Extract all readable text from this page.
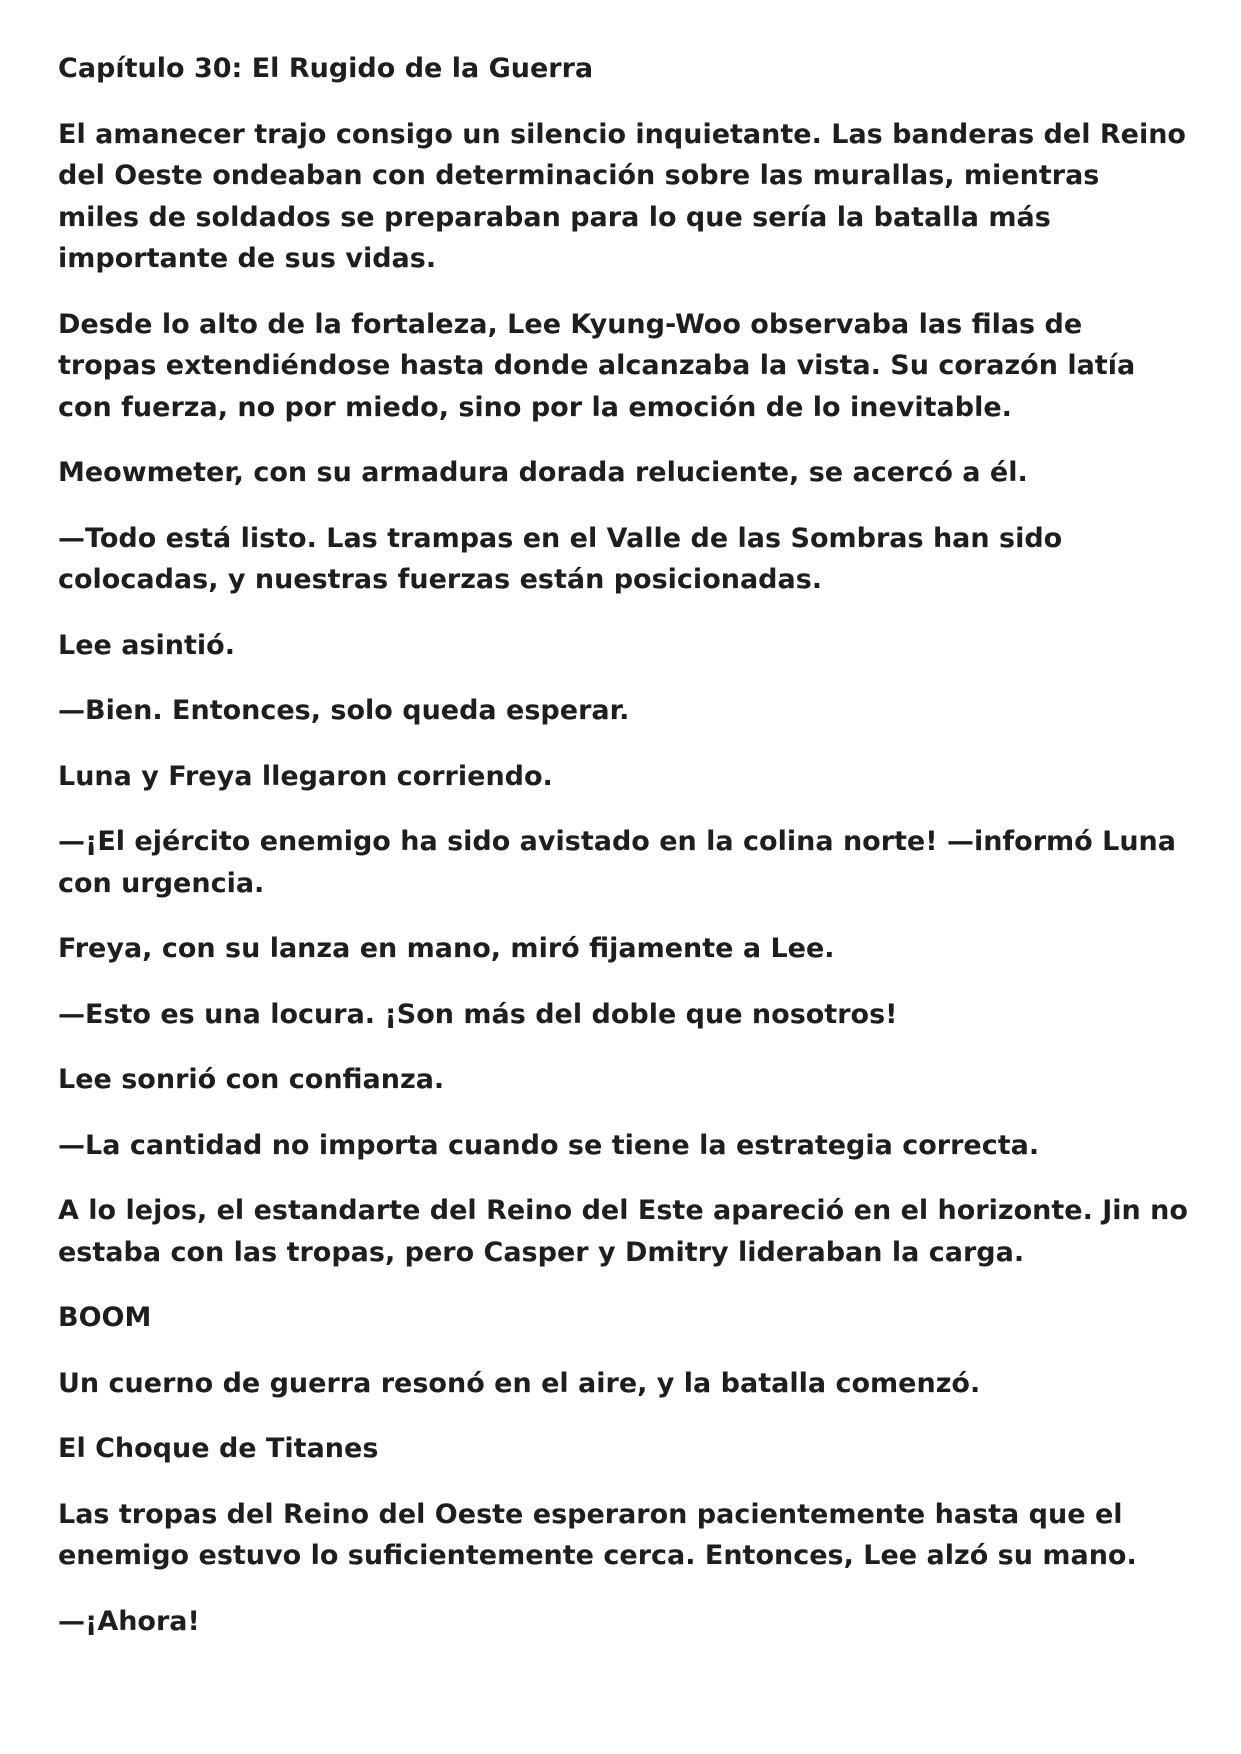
Capítulo 30: El Rugido de la Guerra

El amanecer trajo consigo un silencio inquietante. Las banderas del Reino del Oeste ondeaban con determinación sobre las murallas, mientras miles de soldados se preparaban para lo que sería la batalla más importante de sus vidas.

Desde lo alto de la fortaleza, Lee Kyung-Woo observaba las filas de tropas extendiéndose hasta donde alcanzaba la vista. Su corazón latía con fuerza, no por miedo, sino por la emoción de lo inevitable.

Meowmeter, con su armadura dorada reluciente, se acercó a él.

—Todo está listo. Las trampas en el Valle de las Sombras han sido colocadas, y nuestras fuerzas están posicionadas.

Lee asintió.

—Bien. Entonces, solo queda esperar.

Luna y Freya llegaron corriendo.

—¡El ejército enemigo ha sido avistado en la colina norte! —informó Luna con urgencia.

Freya, con su lanza en mano, miró fijamente a Lee.

—Esto es una locura. ¡Son más del doble que nosotros!

Lee sonrió con confianza.

—La cantidad no importa cuando se tiene la estrategia correcta.

A lo lejos, el estandarte del Reino del Este apareció en el horizonte. Jin no estaba con las tropas, pero Casper y Dmitry lideraban la carga.

BOOM

Un cuerno de guerra resonó en el aire, y la batalla comenzó.

El Choque de Titanes

Las tropas del Reino del Oeste esperaron pacientemente hasta que el enemigo estuvo lo suficientemente cerca. Entonces, Lee alzó su mano.

—¡Ahora!
